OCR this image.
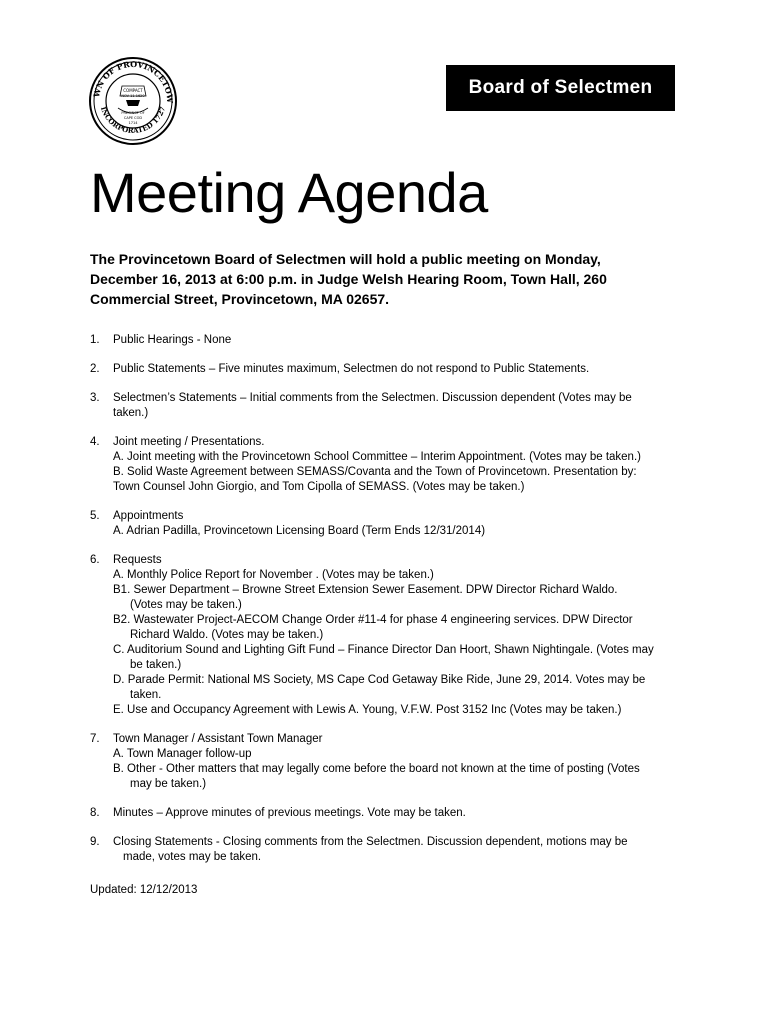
WN OF PROVINCETOW
INCORPORATED 1727
COMPACT
NOV 11 1620
PRECINCT OF
CAPE COD
1714
Board of Selectmen
Meeting Agenda

The Provincetown Board of Selectmen will hold a public meeting on Monday,
December 16, 2013 at 6:00 p.m. in Judge Welsh Hearing Room, Town Hall, 260
Commercial Street, Provincetown, MA 02657.

1. Public Hearings - None
2. Public Statements – Five minutes maximum, Selectmen do not respond to Public Statements.
3. Selectmen’s Statements – Initial comments from the Selectmen. Discussion dependent (Votes may be
taken.)
4. Joint meeting / Presentations.
A. Joint meeting with the Provincetown School Committee – Interim Appointment. (Votes may be taken.)
B. Solid Waste Agreement between SEMASS/Covanta and the Town of Provincetown. Presentation by:
Town Counsel John Giorgio, and Tom Cipolla of SEMASS. (Votes may be taken.)
5. Appointments
A. Adrian Padilla, Provincetown Licensing Board (Term Ends 12/31/2014)
6. Requests
A. Monthly Police Report for November . (Votes may be taken.)
B1. Sewer Department – Browne Street Extension Sewer Easement. DPW Director Richard Waldo.
(Votes may be taken.)
B2. Wastewater Project-AECOM Change Order #11-4 for phase 4 engineering services. DPW Director
Richard Waldo. (Votes may be taken.)
C. Auditorium Sound and Lighting Gift Fund – Finance Director Dan Hoort, Shawn Nightingale. (Votes may
be taken.)
D. Parade Permit: National MS Society, MS Cape Cod Getaway Bike Ride, June 29, 2014. Votes may be
taken.
E. Use and Occupancy Agreement with Lewis A. Young, V.F.W. Post 3152 Inc (Votes may be taken.)
7. Town Manager / Assistant Town Manager
A. Town Manager follow-up
B. Other - Other matters that may legally come before the board not known at the time of posting (Votes
may be taken.)
8. Minutes – Approve minutes of previous meetings. Vote may be taken.
9. Closing Statements - Closing comments from the Selectmen. Discussion dependent, motions may be
made, votes may be taken.
Updated: 12/12/2013
